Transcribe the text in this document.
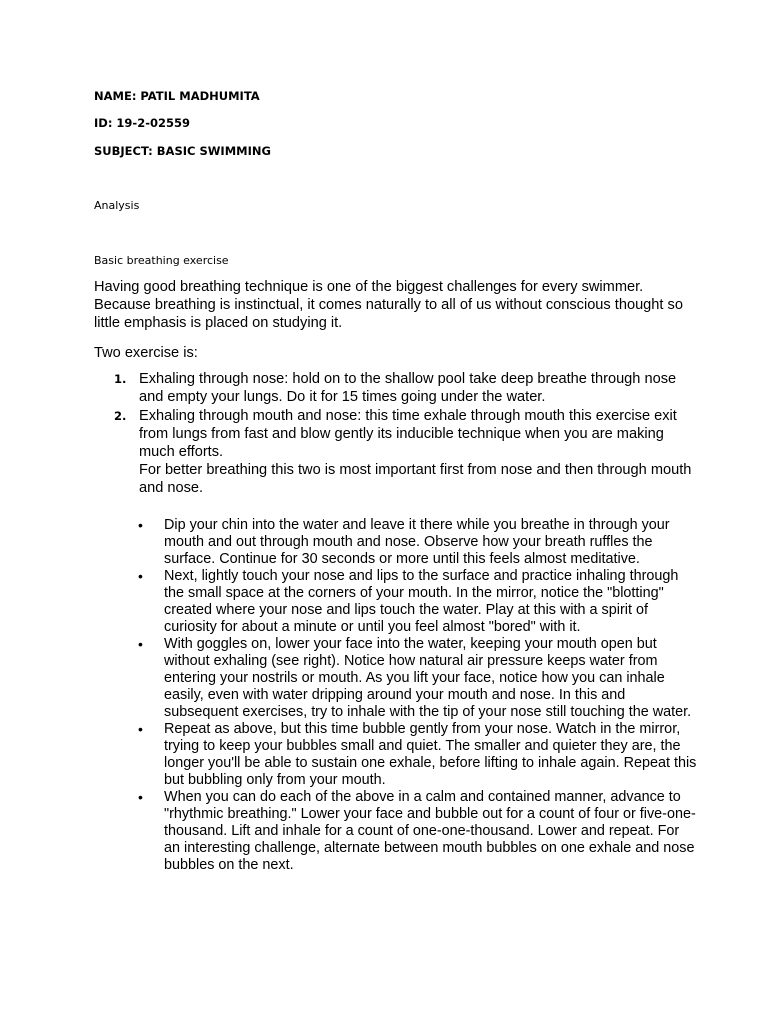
NAME: PATIL MADHUMITA
ID: 19-2-02559
SUBJECT: BASIC SWIMMING
Analysis
Basic breathing exercise
Having good breathing technique is one of the biggest challenges for every swimmer. Because breathing is instinctual, it comes naturally to all of us without conscious thought so little emphasis is placed on studying it.
Two exercise is:
1. Exhaling through nose: hold on to the shallow pool take deep breathe through nose and empty your lungs. Do it for 15 times going under the water.
2. Exhaling through mouth and nose: this time exhale through mouth this exercise exit from lungs from fast and blow gently its inducible technique when you are making much efforts.
For better breathing this two is most important first from nose and then through mouth and nose.
• Dip your chin into the water and leave it there while you breathe in through your mouth and out through mouth and nose. Observe how your breath ruffles the surface. Continue for 30 seconds or more until this feels almost meditative.
• Next, lightly touch your nose and lips to the surface and practice inhaling through the small space at the corners of your mouth. In the mirror, notice the "blotting" created where your nose and lips touch the water. Play at this with a spirit of curiosity for about a minute or until you feel almost "bored" with it.
• With goggles on, lower your face into the water, keeping your mouth open but without exhaling (see right). Notice how natural air pressure keeps water from entering your nostrils or mouth. As you lift your face, notice how you can inhale easily, even with water dripping around your mouth and nose. In this and subsequent exercises, try to inhale with the tip of your nose still touching the water.
• Repeat as above, but this time bubble gently from your nose. Watch in the mirror, trying to keep your bubbles small and quiet. The smaller and quieter they are, the longer you'll be able to sustain one exhale, before lifting to inhale again. Repeat this but bubbling only from your mouth.
• When you can do each of the above in a calm and contained manner, advance to "rhythmic breathing." Lower your face and bubble out for a count of four or five-one-thousand. Lift and inhale for a count of one-one-thousand. Lower and repeat. For an interesting challenge, alternate between mouth bubbles on one exhale and nose bubbles on the next.
